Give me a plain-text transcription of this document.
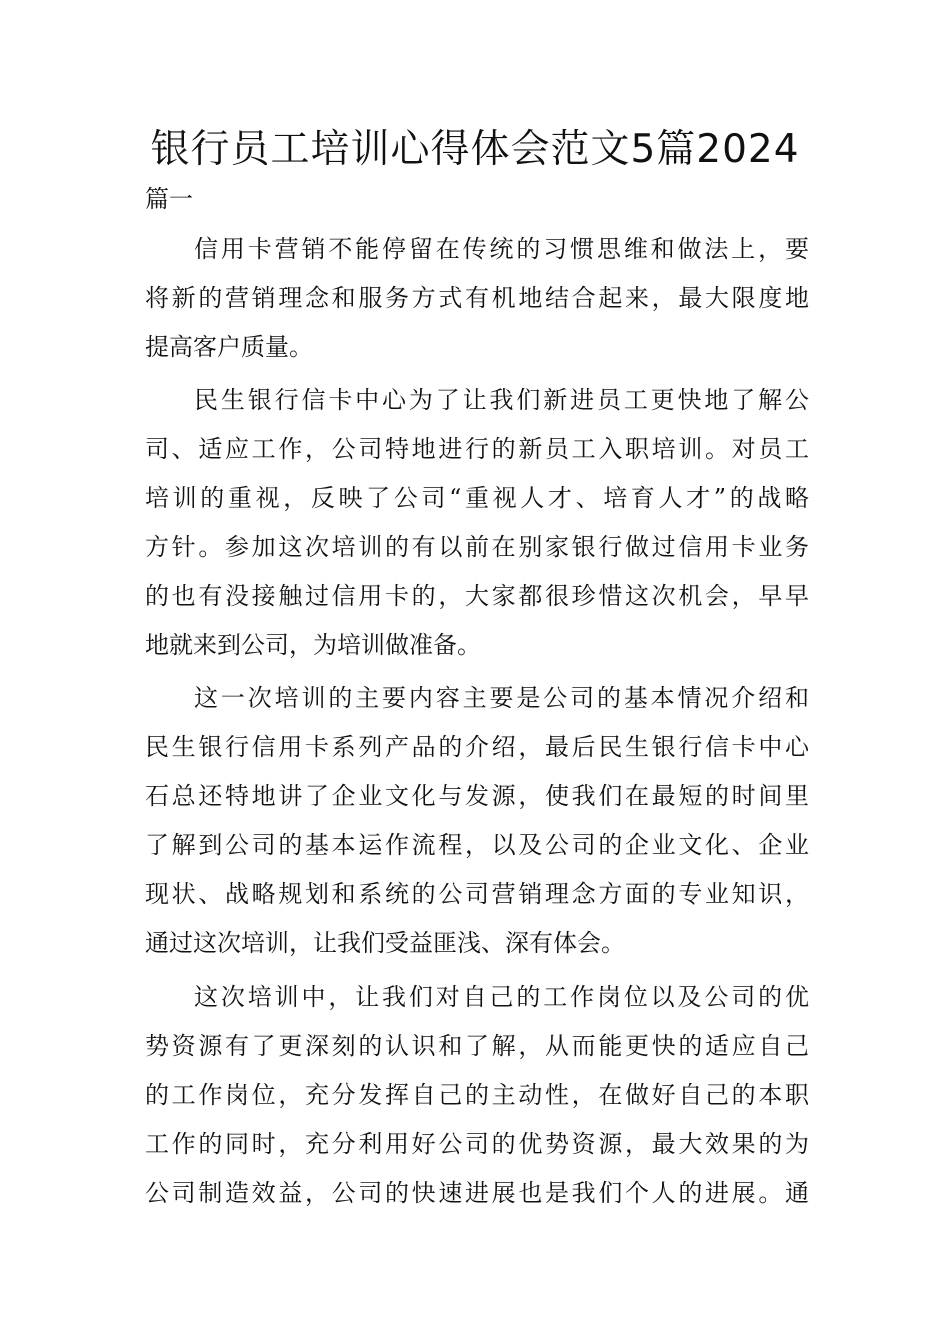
银行员工培训心得体会范文5篇2024
篇一
信用卡营销不能停留在传统的习惯思维和做法上，要
将新的营销理念和服务方式有机地结合起来，最大限度地
提高客户质量。
民生银行信卡中心为了让我们新进员工更快地了解公
司、适应工作，公司特地进行的新员工入职培训。对员工
培训的重视，反映了公司“重视人才、培育人才”的战略
方针。参加这次培训的有以前在别家银行做过信用卡业务
的也有没接触过信用卡的，大家都很珍惜这次机会，早早
地就来到公司，为培训做准备。
这一次培训的主要内容主要是公司的基本情况介绍和
民生银行信用卡系列产品的介绍，最后民生银行信卡中心
石总还特地讲了企业文化与发源，使我们在最短的时间里
了解到公司的基本运作流程，以及公司的企业文化、企业
现状、战略规划和系统的公司营销理念方面的专业知识，
通过这次培训，让我们受益匪浅、深有体会。
这次培训中，让我们对自己的工作岗位以及公司的优
势资源有了更深刻的认识和了解，从而能更快的适应自己
的工作岗位，充分发挥自己的主动性，在做好自己的本职
工作的同时，充分利用好公司的优势资源，最大效果的为
公司制造效益，公司的快速进展也是我们个人的进展。通
